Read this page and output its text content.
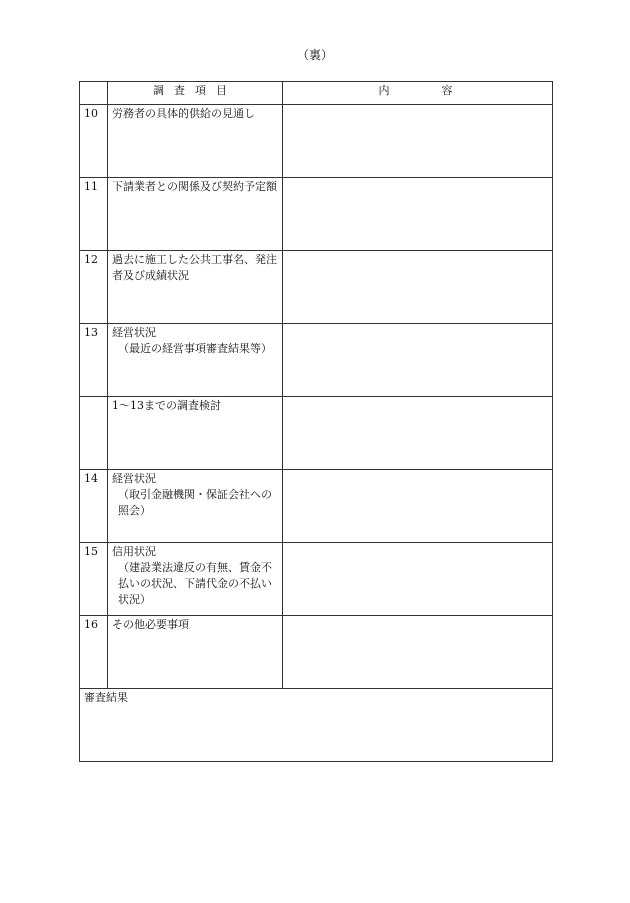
（裏）
	調査項目	内容
10	労務者の具体的供給の見通し	
11	下請業者との関係及び契約予定額	
12	過去に施工した公共工事名、発注者及び成績状況	
13	経営状況
（最近の経営事項審査結果等）	

	1～13までの調査検討	
14	経営状況
（取引金融機関・保証会社への照会）	

15	信用状況
（建設業法違反の有無、賃金不払いの状況、下請代金の不払い状況）	

16	その他必要事項	
審査結果		
